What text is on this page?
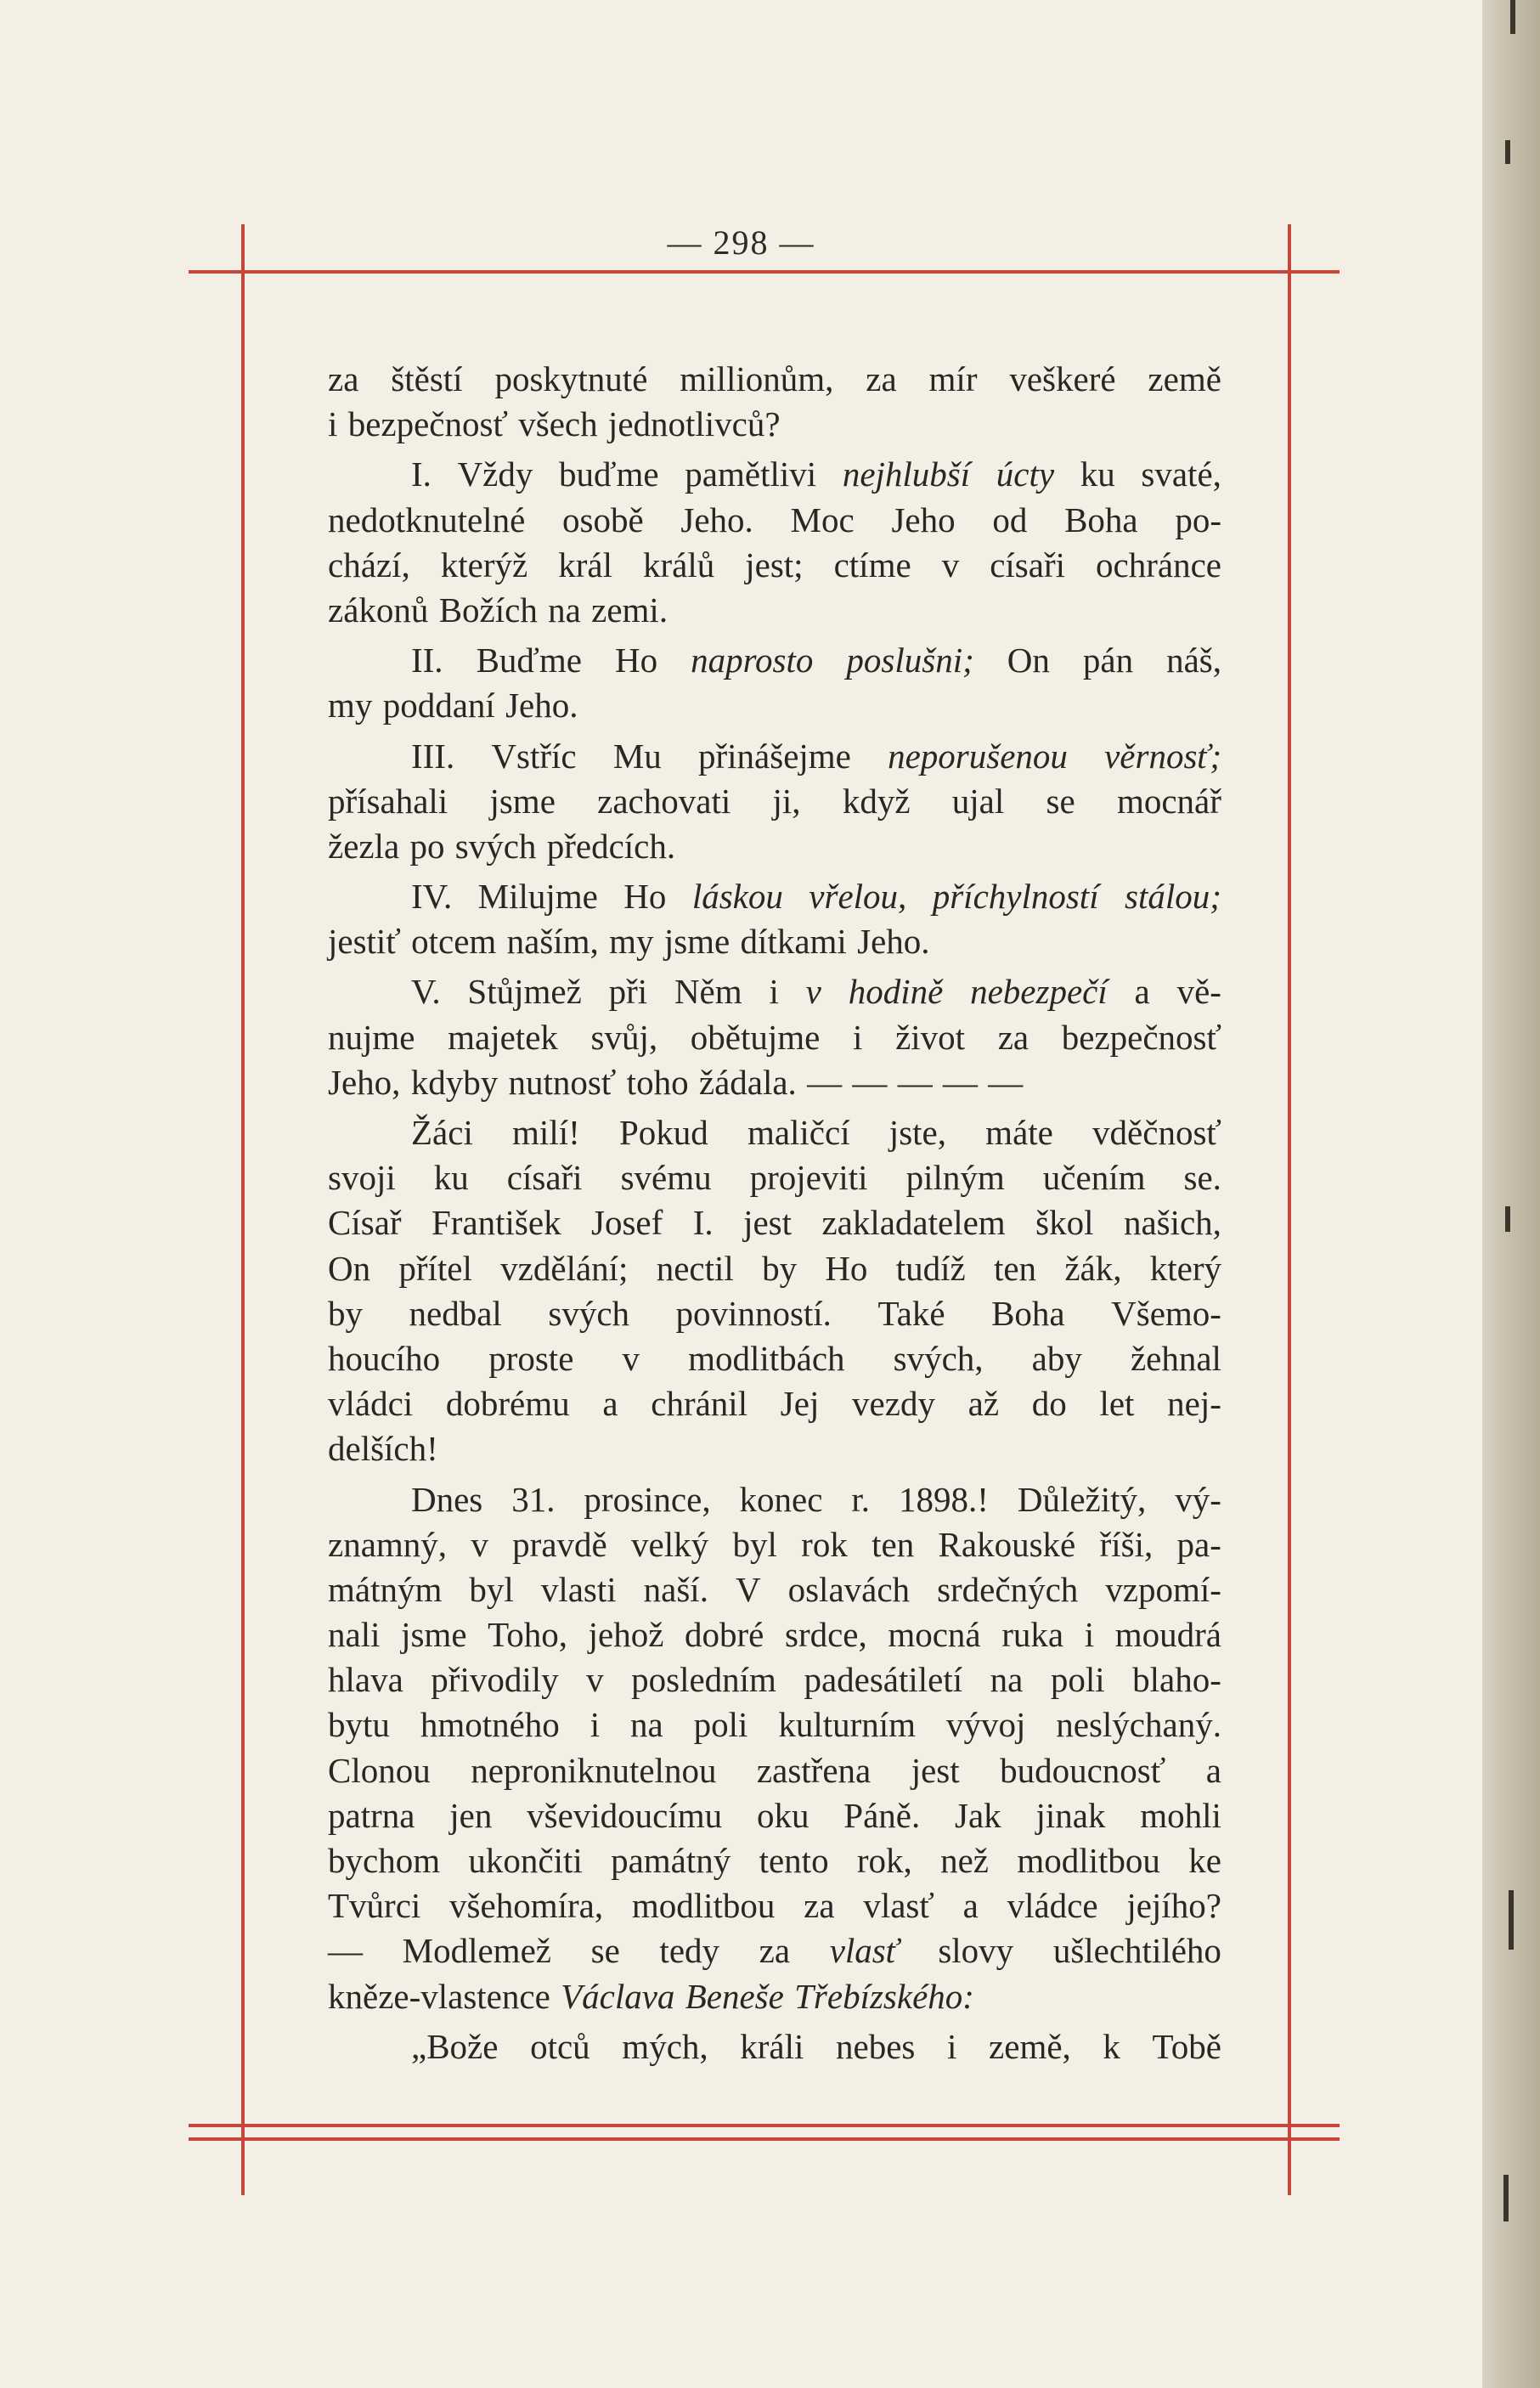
— 298 —
za štěstí poskytnuté millionům, za mír veškeré země
i bezpečnosť všech jednotlivců?
I. Vždy buďme pamětlivi nejhlubší úcty ku svaté,
nedotknutelné osobě Jeho. Moc Jeho od Boha po-
chází, kterýž král králů jest; ctíme v císaři ochránce
zákonů Božích na zemi.
II. Buďme Ho naprosto poslušni; On pán náš,
my poddaní Jeho.
III. Vstříc Mu přinášejme neporušenou věrnosť;
přísahali jsme zachovati ji, když ujal se mocnář
žezla po svých předcích.
IV. Milujme Ho láskou vřelou, příchylností stálou;
jestiť otcem naším, my jsme dítkami Jeho.
V. Stůjmež při Něm i v hodině nebezpečí a vě-
nujme majetek svůj, obětujme i život za bezpečnosť
Jeho, kdyby nutnosť toho žádala. — — — — —
Žáci milí! Pokud maličcí jste, máte vděčnosť
svoji ku císaři svému projeviti pilným učením se.
Císař František Josef I. jest zakladatelem škol našich,
On přítel vzdělání; nectil by Ho tudíž ten žák, který
by nedbal svých povinností. Také Boha Všemo-
houcího proste v modlitbách svých, aby žehnal
vládci dobrému a chránil Jej vezdy až do let nej-
delších!
Dnes 31. prosince, konec r. 1898.! Důležitý, vý-
znamný, v pravdě velký byl rok ten Rakouské říši, pa-
mátným byl vlasti naší. V oslavách srdečných vzpomí-
nali jsme Toho, jehož dobré srdce, mocná ruka i moudrá
hlava přivodily v posledním padesátiletí na poli blaho-
bytu hmotného i na poli kulturním vývoj neslýchaný.
Clonou neproniknutelnou zastřena jest budoucnosť a
patrna jen vševidoucímu oku Páně. Jak jinak mohli
bychom ukončiti památný tento rok, než modlitbou ke
Tvůrci všehomíra, modlitbou za vlasť a vládce jejího?
— Modlemež se tedy za vlasť slovy ušlechtilého
kněze-vlastence Václava Beneše Třebízského:
„Bože otců mých, králi nebes i země, k Tobě
